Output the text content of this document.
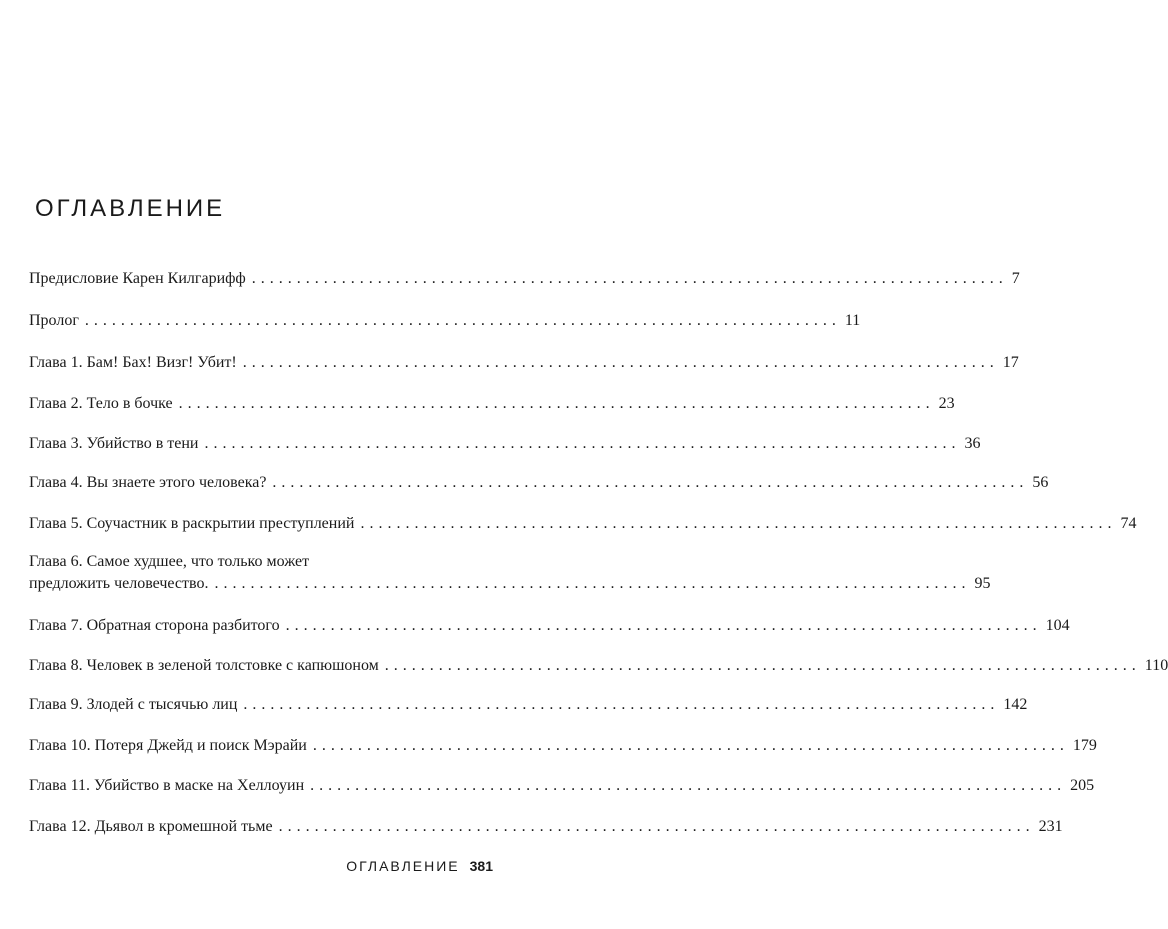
ОГЛАВЛЕНИЕ
Предисловие Карен Килгарифф .................................................................................... 7
Пролог .................................................................................... 11
Глава 1. Бам! Бах! Визг! Убит! .................................................................................... 17
Глава 2. Тело в бочке .................................................................................... 23
Глава 3. Убийство в тени .................................................................................... 36
Глава 4. Вы знаете этого человека? .................................................................................... 56
Глава 5. Соучастник в раскрытии преступлений .................................................................................... 74
Глава 6. Самое худшее, что только может
предложить человечество. .................................................................................... 95
Глава 7. Обратная сторона разбитого .................................................................................... 104
Глава 8. Человек в зеленой толстовке с капюшоном .................................................................................... 110
Глава 9. Злодей с тысячью лиц .................................................................................... 142
Глава 10. Потеря Джейд и поиск Мэрайи .................................................................................... 179
Глава 11. Убийство в маске на Хеллоуин .................................................................................... 205
Глава 12. Дьявол в кромешной тьме .................................................................................... 231
ОГЛАВЛЕНИЕ 381
